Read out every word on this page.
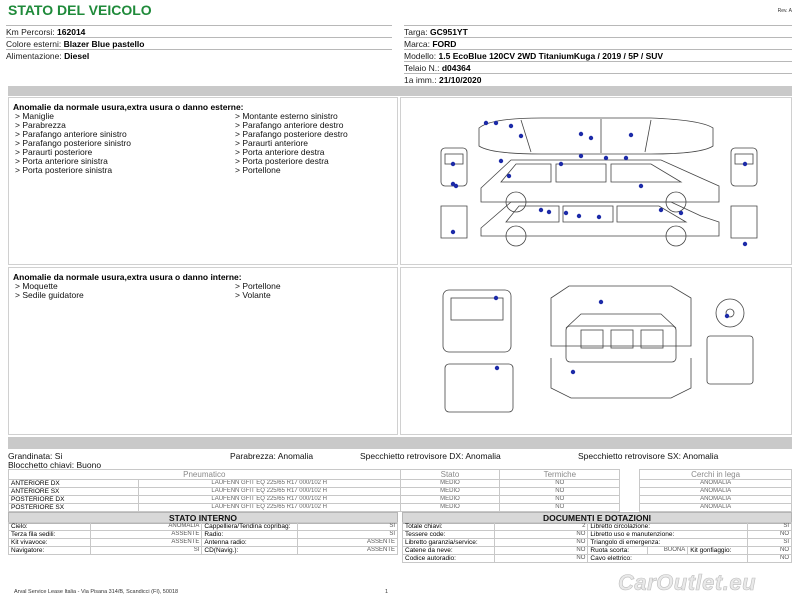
STATO DEL VEICOLO	Rev. A
Km Percorsi: 162014
Colore esterni: Blazer Blue pastello
Alimentazione: Diesel
Targa: GC951YT
Marca: FORD
Modello: 1.5 EcoBlue 120CV 2WD TitaniumKuga / 2019 / 5P / SUV
Telaio N.: d04364
1a imm.: 21/10/2020
Anomalie da normale usura,extra usura o danno esterne:
> Maniglie
> Parabrezza
> Parafango anteriore sinistro
> Parafango posteriore sinistro
> Paraurti posteriore
> Porta anteriore sinistra
> Porta posteriore sinistra
> Montante esterno sinistro
> Parafango anteriore destro
> Parafango posteriore destro
> Paraurti anteriore
> Porta anteriore destra
> Porta posteriore destra
> Portellone
Anomalie da normale usura,extra usura o danno interne:
> Moquette
> Sedile guidatore
> Portellone
> Volante
Grandinata: Si	Parabrezza: Anomalia	Specchietto retrovisore DX: Anomalia	Specchietto retrovisore SX: Anomalia
Blocchetto chiavi: Buono
Pneumatico		Stato	Termiche		Cerchi in lega
ANTERIORE DX	LAUFENN GFIT EQ 225/65 R17 000/102 H	MEDIO	NO		ANOMALIA
ANTERIORE SX	LAUFENN GFIT EQ 225/65 R17 000/102 H	MEDIO	NO		ANOMALIA
POSTERIORE DX	LAUFENN GFIT EQ 225/65 R17 000/102 H	MEDIO	NO		ANOMALIA
POSTERIORE SX	LAUFENN GFIT EQ 225/65 R17 000/102 H	MEDIO	NO		ANOMALIA
STATO INTERNO
Cielo:	ANOMALIA	Cappelliera/Tendina copribag:	SI
Terza fila sedili:	ASSENTE	Radio:	SI
Kit vivavoce:	ASSENTE	Antenna radio:	ASSENTE
Navigatore:	SI	CD(Navig.):	ASSENTE
DOCUMENTI E DOTAZIONI
Totale chiavi:	2	Libretto circolazione:			SI
Tessere code:	NO	Libretto uso e manutenzione:			NO
Libretto garanzia/service:	NO	Triangolo di emergenza:			SI
Catene da neve:	NO	Ruota scorta:	BUONA	Kit gonfiaggio:	NO
Codice autoradio:	NO	Cavo elettrico:			NO
Arval Service Lease Italia - Via Pisana 314/B, Scandicci (FI), 50018	1	CarOutlet.eu
